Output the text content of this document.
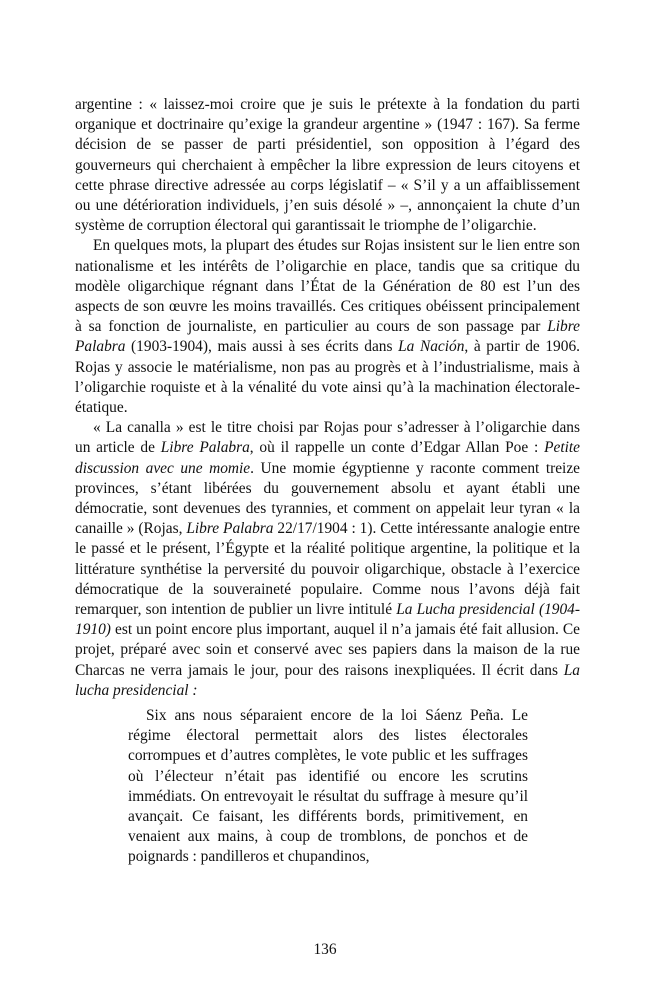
argentine : « laissez-moi croire que je suis le prétexte à la fondation du parti organique et doctrinaire qu’exige la grandeur argentine » (1947 : 167). Sa ferme décision de se passer de parti présidentiel, son opposition à l’égard des gouverneurs qui cherchaient à empêcher la libre expression de leurs citoyens et cette phrase directive adressée au corps législatif – « S’il y a un affaiblissement ou une détérioration individuels, j’en suis désolé » –, annonçaient la chute d’un système de corruption électoral qui garantissait le triomphe de l’oligarchie.

En quelques mots, la plupart des études sur Rojas insistent sur le lien entre son nationalisme et les intérêts de l’oligarchie en place, tandis que sa critique du modèle oligarchique régnant dans l’État de la Génération de 80 est l’un des aspects de son œuvre les moins travaillés. Ces critiques obéissent principalement à sa fonction de journaliste, en particulier au cours de son passage par Libre Palabra (1903-1904), mais aussi à ses écrits dans La Nación, à partir de 1906. Rojas y associe le matérialisme, non pas au progrès et à l’industrialisme, mais à l’oligarchie roquiste et à la vénalité du vote ainsi qu’à la machination électorale-étatique.

« La canalla » est le titre choisi par Rojas pour s’adresser à l’oligarchie dans un article de Libre Palabra, où il rappelle un conte d’Edgar Allan Poe : Petite discussion avec une momie. Une momie égyptienne y raconte comment treize provinces, s’étant libérées du gouvernement absolu et ayant établi une démocratie, sont devenues des tyrannies, et comment on appelait leur tyran « la canaille » (Rojas, Libre Palabra 22/17/1904 : 1). Cette intéressante analogie entre le passé et le présent, l’Égypte et la réalité politique argentine, la politique et la littérature synthétise la perversité du pouvoir oligarchique, obstacle à l’exercice démocratique de la souveraineté populaire. Comme nous l’avons déjà fait remarquer, son intention de publier un livre intitulé La Lucha presidencial (1904-1910) est un point encore plus important, auquel il n’a jamais été fait allusion. Ce projet, préparé avec soin et conservé avec ses papiers dans la maison de la rue Charcas ne verra jamais le jour, pour des raisons inexpliquées. Il écrit dans La lucha presidencial :

Six ans nous séparaient encore de la loi Sáenz Peña. Le régime électoral permettait alors des listes électorales corrompues et d’autres complètes, le vote public et les suffrages où l’électeur n’était pas identifié ou encore les scrutins immédiats. On entrevoyait le résultat du suffrage à mesure qu’il avançait. Ce faisant, les différents bords, primitivement, en venaient aux mains, à coup de tromblons, de ponchos et de poignards : pandilleros et chupandinos,

136
